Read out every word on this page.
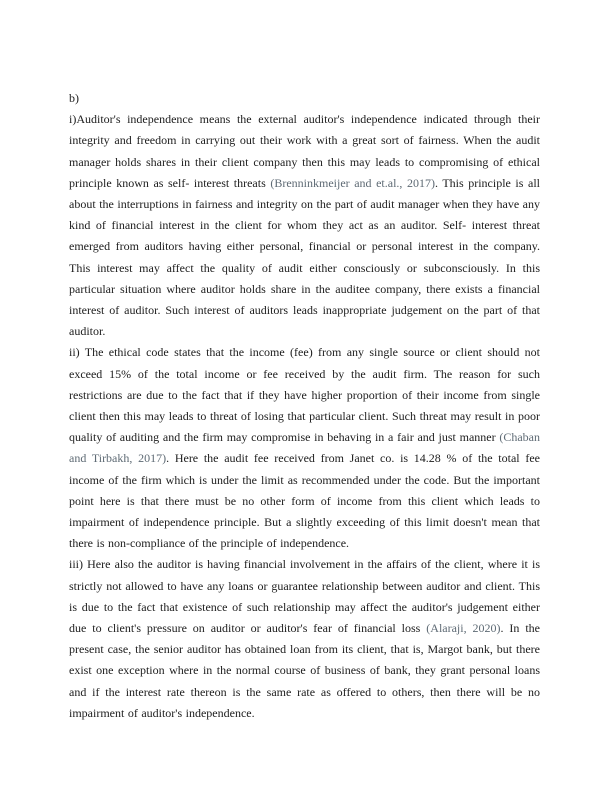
b)

i)Auditor's independence means the external auditor's independence indicated through their integrity and freedom in carrying out their work with a great sort of fairness. When the audit manager holds shares in their client company then this may leads to compromising of ethical principle known as self- interest threats (Brenninkmeijer and et.al., 2017). This principle is all about the interruptions in fairness and integrity on the part of audit manager when they have any kind of financial interest in the client for whom they act as an auditor. Self- interest threat emerged from auditors having either personal, financial or personal interest in the company. This interest may affect the quality of audit either consciously or subconsciously. In this particular situation where auditor holds share in the auditee company, there exists a financial interest of auditor. Such interest of auditors leads inappropriate judgement on the part of that auditor.

ii) The ethical code states that the income (fee) from any single source or client should not exceed 15% of the total income or fee received by the audit firm. The reason for such restrictions are due to the fact that if they have higher proportion of their income from single client then this may leads to threat of losing that particular client. Such threat may result in poor quality of auditing and the firm may compromise in behaving in a fair and just manner (Chaban and Tirbakh, 2017). Here the audit fee received from Janet co. is 14.28 % of the total fee income of the firm which is under the limit as recommended under the code. But the important point here is that there must be no other form of income from this client which leads to impairment of independence principle. But a slightly exceeding of this limit doesn't mean that there is non-compliance of the principle of independence.

iii) Here also the auditor is having financial involvement in the affairs of the client, where it is strictly not allowed to have any loans or guarantee relationship between auditor and client. This is due to the fact that existence of such relationship may affect the auditor's judgement either due to client's pressure on auditor or auditor's fear of financial loss (Alaraji, 2020). In the present case, the senior auditor has obtained loan from its client, that is, Margot bank, but there exist one exception where in the normal course of business of bank, they grant personal loans and if the interest rate thereon is the same rate as offered to others, then there will be no impairment of auditor's independence.
